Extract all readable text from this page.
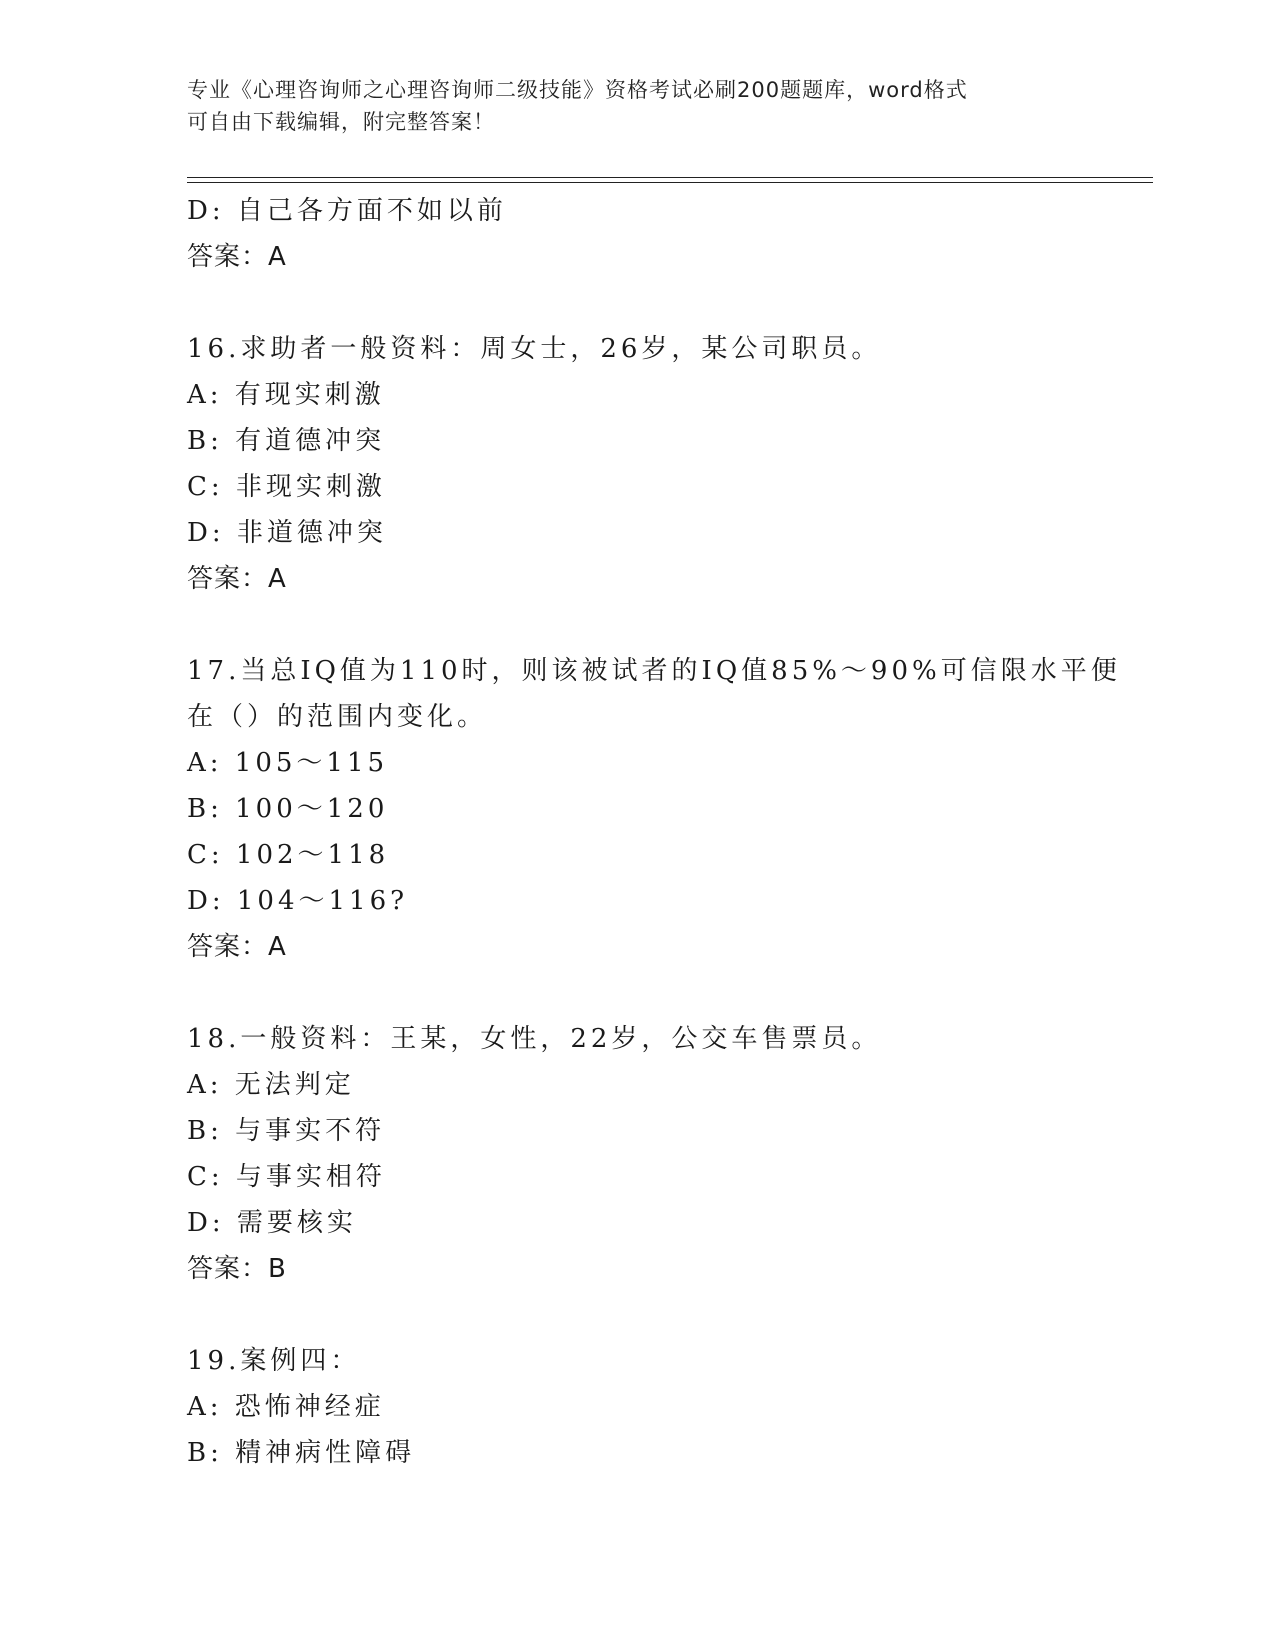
专业《心理咨询师之心理咨询师二级技能》资格考试必刷200题题库，word格式
可自由下载编辑，附完整答案！
D: 自己各方面不如以前
答案：A
16.求助者一般资料：周女士，26岁，某公司职员。
A: 有现实刺激
B: 有道德冲突
C: 非现实刺激
D: 非道德冲突
答案：A
17.当总IQ值为110时，则该被试者的IQ值85%～90%可信限水平便
在（）的范围内变化。
A: 105～115
B: 100～120
C: 102～118
D: 104～116?
答案：A
18.一般资料：王某，女性，22岁，公交车售票员。
A: 无法判定
B: 与事实不符
C: 与事实相符
D: 需要核实
答案：B
19.案例四：
A: 恐怖神经症
B: 精神病性障碍
